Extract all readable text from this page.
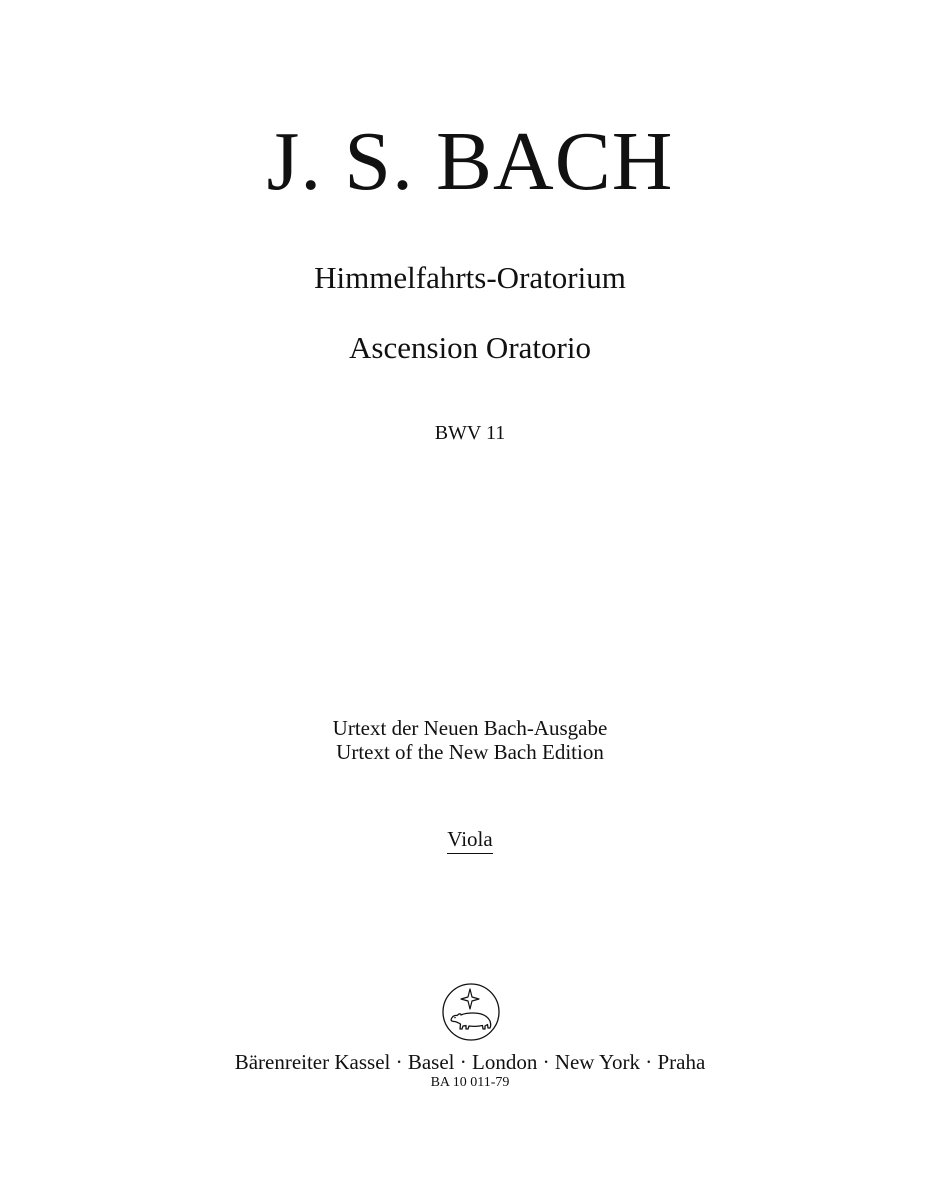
J. S. BACH
Himmelfahrts-Oratorium
Ascension Oratorio
BWV 11
Urtext der Neuen Bach-Ausgabe
Urtext of the New Bach Edition
Viola
Bärenreiter Kassel · Basel · London · New York · Praha
BA 10 011-79
